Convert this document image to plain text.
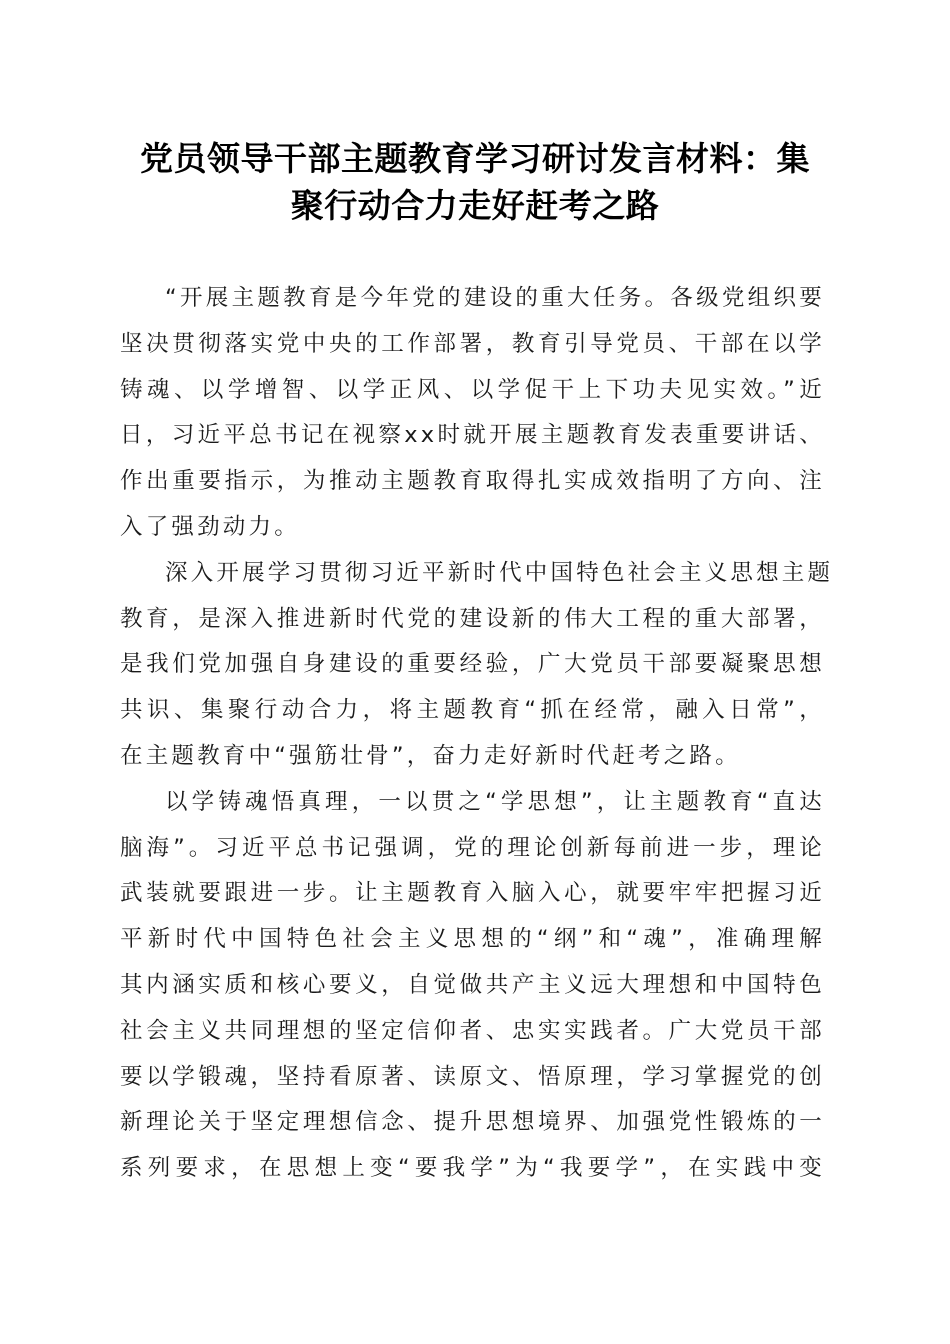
党员领导干部主题教育学习研讨发言材料：集
聚行动合力走好赶考之路

“开展主题教育是今年党的建设的重大任务。各级党组织要
坚决贯彻落实党中央的工作部署，教育引导党员、干部在以学
铸魂、以学增智、以学正风、以学促干上下功夫见实效。”近
日，习近平总书记在视察xx时就开展主题教育发表重要讲话、
作出重要指示，为推动主题教育取得扎实成效指明了方向、注
入了强劲动力。

深入开展学习贯彻习近平新时代中国特色社会主义思想主题
教育，是深入推进新时代党的建设新的伟大工程的重大部署，
是我们党加强自身建设的重要经验，广大党员干部要凝聚思想
共识、集聚行动合力，将主题教育“抓在经常，融入日常”，
在主题教育中“强筋壮骨”，奋力走好新时代赶考之路。

以学铸魂悟真理，一以贯之“学思想”，让主题教育“直达
脑海”。习近平总书记强调，党的理论创新每前进一步，理论
武装就要跟进一步。让主题教育入脑入心，就要牢牢把握习近
平新时代中国特色社会主义思想的“纲”和“魂”，准确理解
其内涵实质和核心要义，自觉做共产主义远大理想和中国特色
社会主义共同理想的坚定信仰者、忠实实践者。广大党员干部
要以学锻魂，坚持看原著、读原文、悟原理，学习掌握党的创
新理论关于坚定理想信念、提升思想境界、加强党性锻炼的一
系列要求，在思想上变“要我学”为“我要学”，在实践中变
